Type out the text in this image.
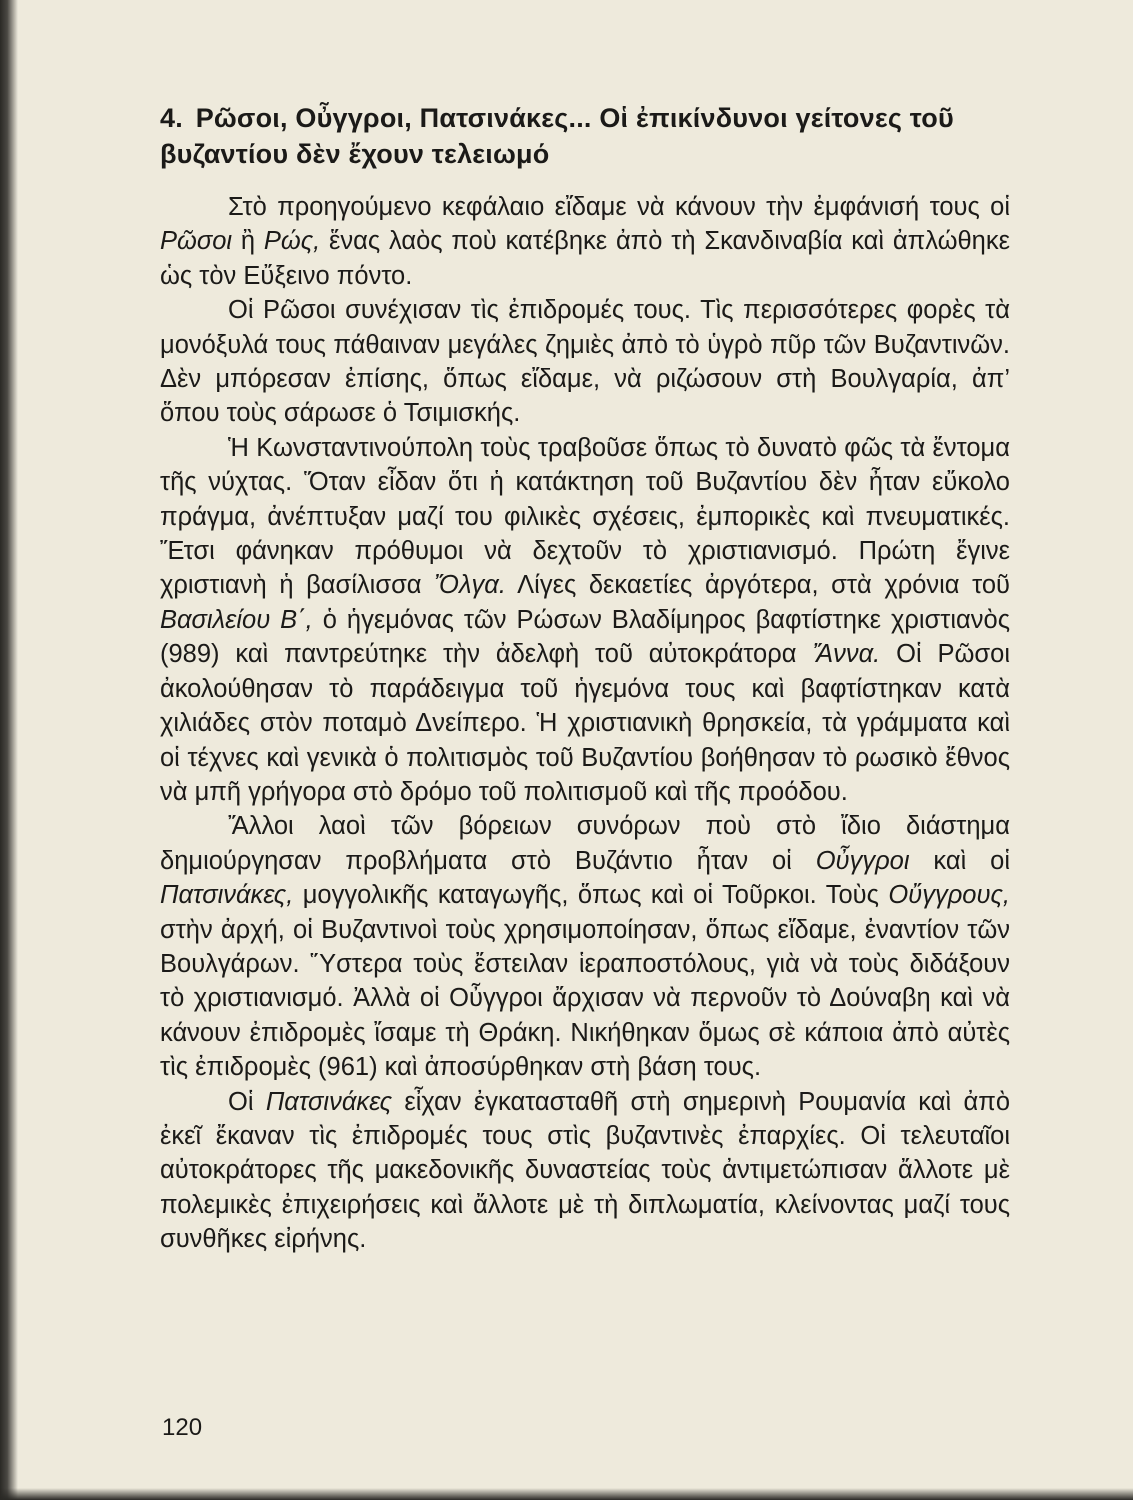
4. Ρῶσοι, Οὖγγροι, Πατσινάκες... Οἱ ἐπικίνδυνοι γείτονες τοῦ
βυζαντίου δὲν ἔχουν τελειωμό

Στὸ προηγούμενο κεφάλαιο εἴδαμε νὰ κάνουν τὴν ἐμφάνισή τους οἱ Ρῶσοι ἢ Ρώς, ἕνας λαὸς ποὺ κατέβηκε ἀπὸ τὴ Σκανδιναβία καὶ ἀπλώθηκε ὡς τὸν Εὔξεινο πόντο.

Οἱ Ρῶσοι συνέχισαν τὶς ἐπιδρομές τους. Τὶς περισσότερες φορὲς τὰ μονόξυλά τους πάθαιναν μεγάλες ζημιὲς ἀπὸ τὸ ὑγρὸ πῦρ τῶν Βυζαντινῶν. Δὲν μπόρεσαν ἐπίσης, ὅπως εἴδαμε, νὰ ριζώσουν στὴ Βουλγαρία, ἀπ’ ὅπου τοὺς σάρωσε ὁ Τσιμισκής.

Ἡ Κωνσταντινούπολη τοὺς τραβοῦσε ὅπως τὸ δυνατὸ φῶς τὰ ἔντομα τῆς νύχτας. Ὅταν εἶδαν ὅτι ἡ κατάκτηση τοῦ Βυζαντίου δὲν ἦταν εὔκολο πράγμα, ἀνέπτυξαν μαζί του φιλικὲς σχέσεις, ἐμπορικὲς καὶ πνευματικές. Ἔτσι φάνηκαν πρόθυμοι νὰ δεχτοῦν τὸ χριστιανισμό. Πρώτη ἔγινε χριστιανὴ ἡ βασίλισσα Ὄλγα. Λίγες δεκαετίες ἀργότερα, στὰ χρόνια τοῦ Βασιλείου Β΄, ὁ ἡγεμόνας τῶν Ρώσων Βλαδίμηρος βαφτίστηκε χριστιανὸς (989) καὶ παντρεύτηκε τὴν ἀδελφὴ τοῦ αὐτοκράτορα Ἄννα. Οἱ Ρῶσοι ἀκολούθησαν τὸ παράδειγμα τοῦ ἡγεμόνα τους καὶ βαφτίστηκαν κατὰ χιλιάδες στὸν ποταμὸ Δνείπερο. Ἡ χριστιανικὴ θρησκεία, τὰ γράμματα καὶ οἱ τέχνες καὶ γενικὰ ὁ πολιτισμὸς τοῦ Βυζαντίου βοήθησαν τὸ ρωσικὸ ἔθνος νὰ μπῆ γρήγορα στὸ δρόμο τοῦ πολιτισμοῦ καὶ τῆς προόδου.

Ἄλλοι λαοὶ τῶν βόρειων συνόρων ποὺ στὸ ἴδιο διάστημα δημιούργησαν προβλήματα στὸ Βυζάντιο ἦταν οἱ Οὖγγροι καὶ οἱ Πατσινάκες, μογγολικῆς καταγωγῆς, ὅπως καὶ οἱ Τοῦρκοι. Τοὺς Οὔγγρους, στὴν ἀρχή, οἱ Βυζαντινοὶ τοὺς χρησιμοποίησαν, ὅπως εἴδαμε, ἐναντίον τῶν Βουλγάρων. Ὕστερα τοὺς ἔστειλαν ἱεραποστόλους, γιὰ νὰ τοὺς διδάξουν τὸ χριστιανισμό. Ἀλλὰ οἱ Οὖγγροι ἄρχισαν νὰ περνοῦν τὸ Δούναβη καὶ νὰ κάνουν ἐπιδρομὲς ἴσαμε τὴ Θράκη. Νικήθηκαν ὅμως σὲ κάποια ἀπὸ αὐτὲς τὶς ἐπιδρομὲς (961) καὶ ἀποσύρθηκαν στὴ βάση τους.

Οἱ Πατσινάκες εἶχαν ἐγκατασταθῆ στὴ σημερινὴ Ρουμανία καὶ ἀπὸ ἐκεῖ ἔκαναν τὶς ἐπιδρομές τους στὶς βυζαντινὲς ἐπαρχίες. Οἱ τελευταῖοι αὐτοκράτορες τῆς μακεδονικῆς δυναστείας τοὺς ἀντιμετώπισαν ἄλλοτε μὲ πολεμικὲς ἐπιχειρήσεις καὶ ἄλλοτε μὲ τὴ διπλωματία, κλείνοντας μαζί τους συνθῆκες εἰρήνης.

120
